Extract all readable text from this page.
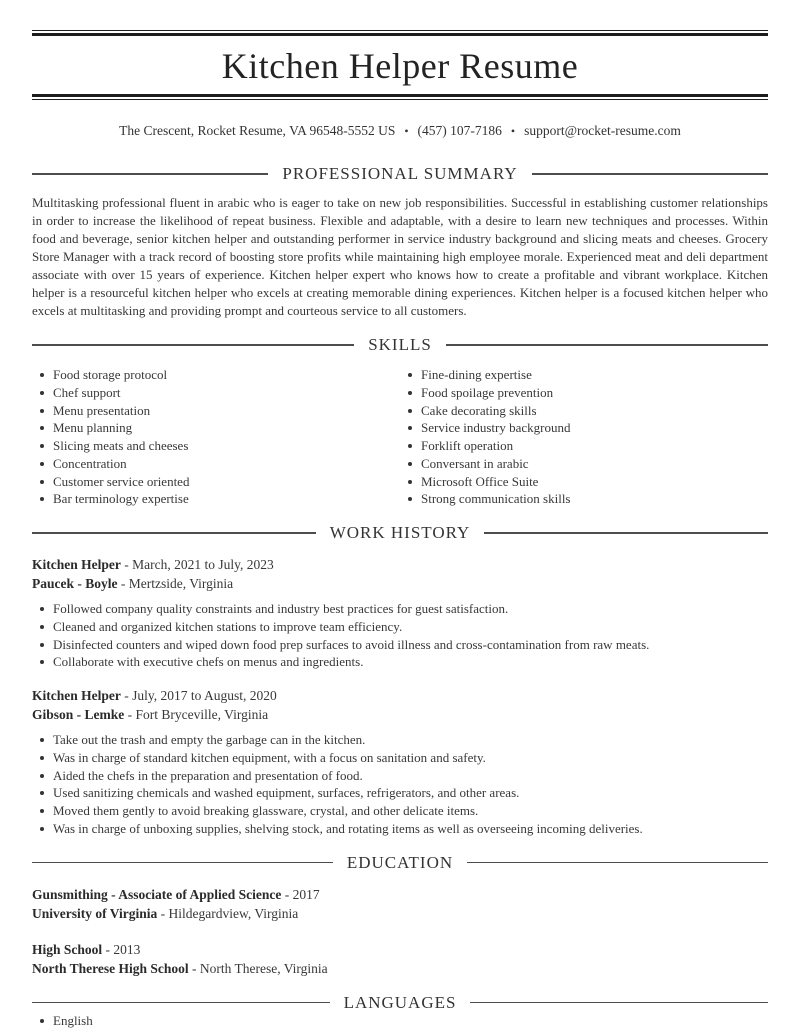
Kitchen Helper Resume
The Crescent, Rocket Resume, VA 96548-5552 US • (457) 107-7186 • support@rocket-resume.com
PROFESSIONAL SUMMARY

Multitasking professional fluent in arabic who is eager to take on new job responsibilities. Successful in establishing customer relationships in order to increase the likelihood of repeat business. Flexible and adaptable, with a desire to learn new techniques and processes. Within food and beverage, senior kitchen helper and outstanding performer in service industry background and slicing meats and cheeses. Grocery Store Manager with a track record of boosting store profits while maintaining high employee morale. Experienced meat and deli department associate with over 15 years of experience. Kitchen helper expert who knows how to create a profitable and vibrant workplace. Kitchen helper is a resourceful kitchen helper who excels at creating memorable dining experiences. Kitchen helper is a focused kitchen helper who excels at multitasking and providing prompt and courteous service to all customers.

SKILLS
Food storage protocol
Chef support
Menu presentation
Menu planning
Slicing meats and cheeses
Concentration
Customer service oriented
Bar terminology expertise
Fine-dining expertise
Food spoilage prevention
Cake decorating skills
Service industry background
Forklift operation
Conversant in arabic
Microsoft Office Suite
Strong communication skills
WORK HISTORY

Kitchen Helper - March, 2021 to July, 2023

Paucek - Boyle - Mertzside, Virginia

Followed company quality constraints and industry best practices for guest satisfaction.
Cleaned and organized kitchen stations to improve team efficiency.
Disinfected counters and wiped down food prep surfaces to avoid illness and cross-contamination from raw meats.
Collaborate with executive chefs on menus and ingredients.

Kitchen Helper - July, 2017 to August, 2020

Gibson - Lemke - Fort Bryceville, Virginia

Take out the trash and empty the garbage can in the kitchen.
Was in charge of standard kitchen equipment, with a focus on sanitation and safety.
Aided the chefs in the preparation and presentation of food.
Used sanitizing chemicals and washed equipment, surfaces, refrigerators, and other areas.
Moved them gently to avoid breaking glassware, crystal, and other delicate items.
Was in charge of unboxing supplies, shelving stock, and rotating items as well as overseeing incoming deliveries.
EDUCATION

Gunsmithing - Associate of Applied Science - 2017

University of Virginia - Hildegardview, Virginia

High School - 2013

North Therese High School - North Therese, Virginia

LANGUAGES
English
